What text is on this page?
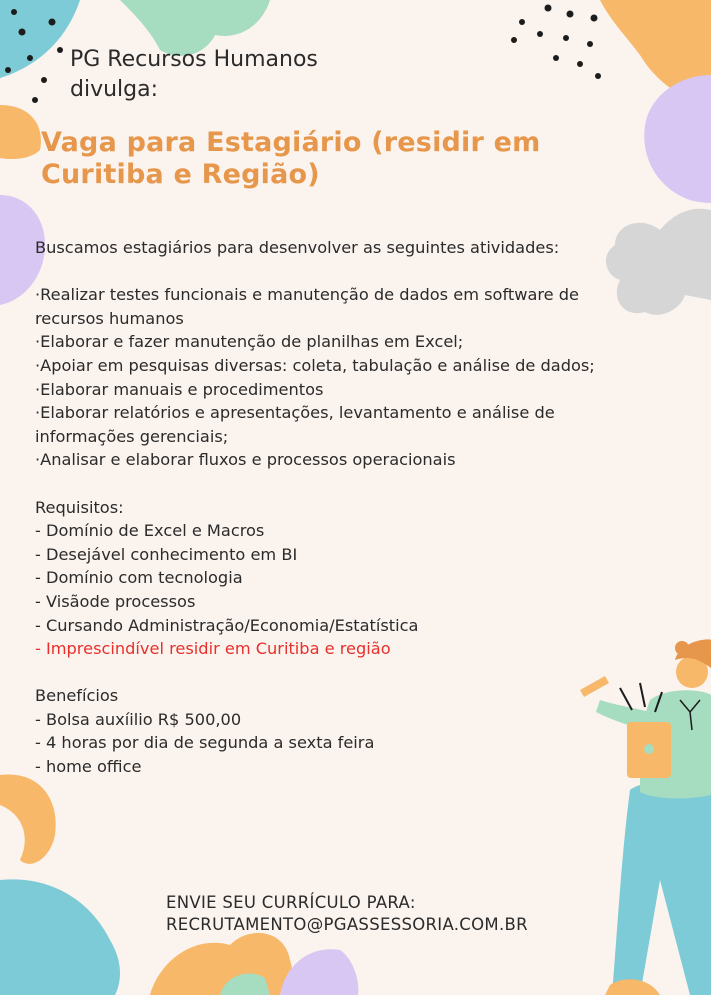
PG Recursos Humanos
divulga:
Vaga para Estagiário (residir em
Curitiba e Região)
Buscamos estagiários para desenvolver as seguintes atividades:
·Realizar testes funcionais e manutenção de dados em software de
recursos humanos
·Elaborar e fazer manutenção de planilhas em Excel;
·Apoiar em pesquisas diversas: coleta, tabulação e análise de dados;
·Elaborar manuais e procedimentos
·Elaborar relatórios e apresentações, levantamento e análise de
informações gerenciais;
·Analisar e elaborar fluxos e processos operacionais
Requisitos:
- Domínio de Excel e Macros
- Desejável conhecimento em BI
- Domínio com tecnologia
- Visãode processos
- Cursando Administração/Economia/Estatística
- Imprescindível residir em Curitiba e região
Benefícios
- Bolsa auxíilio R$ 500,00
- 4 horas por dia de segunda a sexta feira
- home office
ENVIE SEU CURRÍCULO PARA:
RECRUTAMENTO@PGASSESSORIA.COM.BR
